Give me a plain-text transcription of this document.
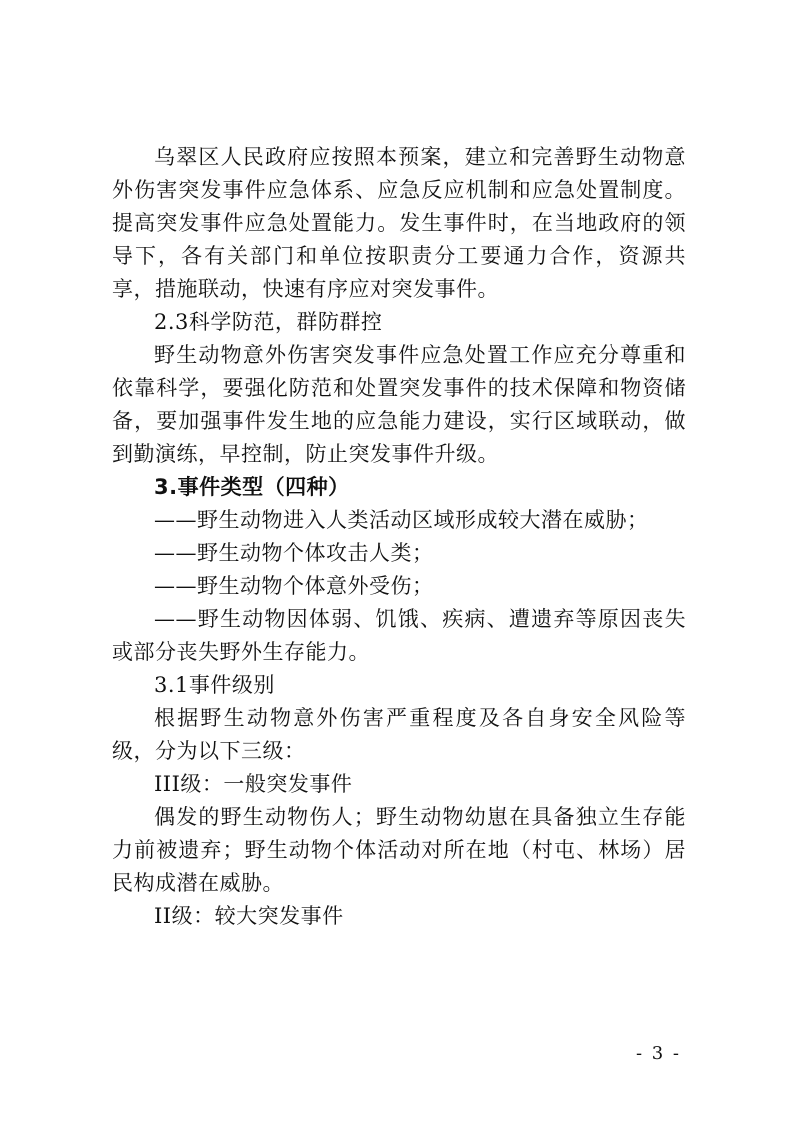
乌翠区人民政府应按照本预案，建立和完善野生动物意外伤害突发事件应急体系、应急反应机制和应急处置制度。提高突发事件应急处置能力。发生事件时，在当地政府的领导下，各有关部门和单位按职责分工要通力合作，资源共享，措施联动，快速有序应对突发事件。

2.3科学防范，群防群控

野生动物意外伤害突发事件应急处置工作应充分尊重和依靠科学，要强化防范和处置突发事件的技术保障和物资储备，要加强事件发生地的应急能力建设，实行区域联动，做到勤演练，早控制，防止突发事件升级。

3.事件类型（四种）

——野生动物进入人类活动区域形成较大潜在威胁；

——野生动物个体攻击人类；

——野生动物个体意外受伤；

——野生动物因体弱、饥饿、疾病、遭遗弃等原因丧失或部分丧失野外生存能力。

3.1事件级别

根据野生动物意外伤害严重程度及各自身安全风险等级，分为以下三级：

III级：一般突发事件

偶发的野生动物伤人；野生动物幼崽在具备独立生存能力前被遗弃；野生动物个体活动对所在地（村屯、林场）居民构成潜在威胁。

II级：较大突发事件

- 3 -
